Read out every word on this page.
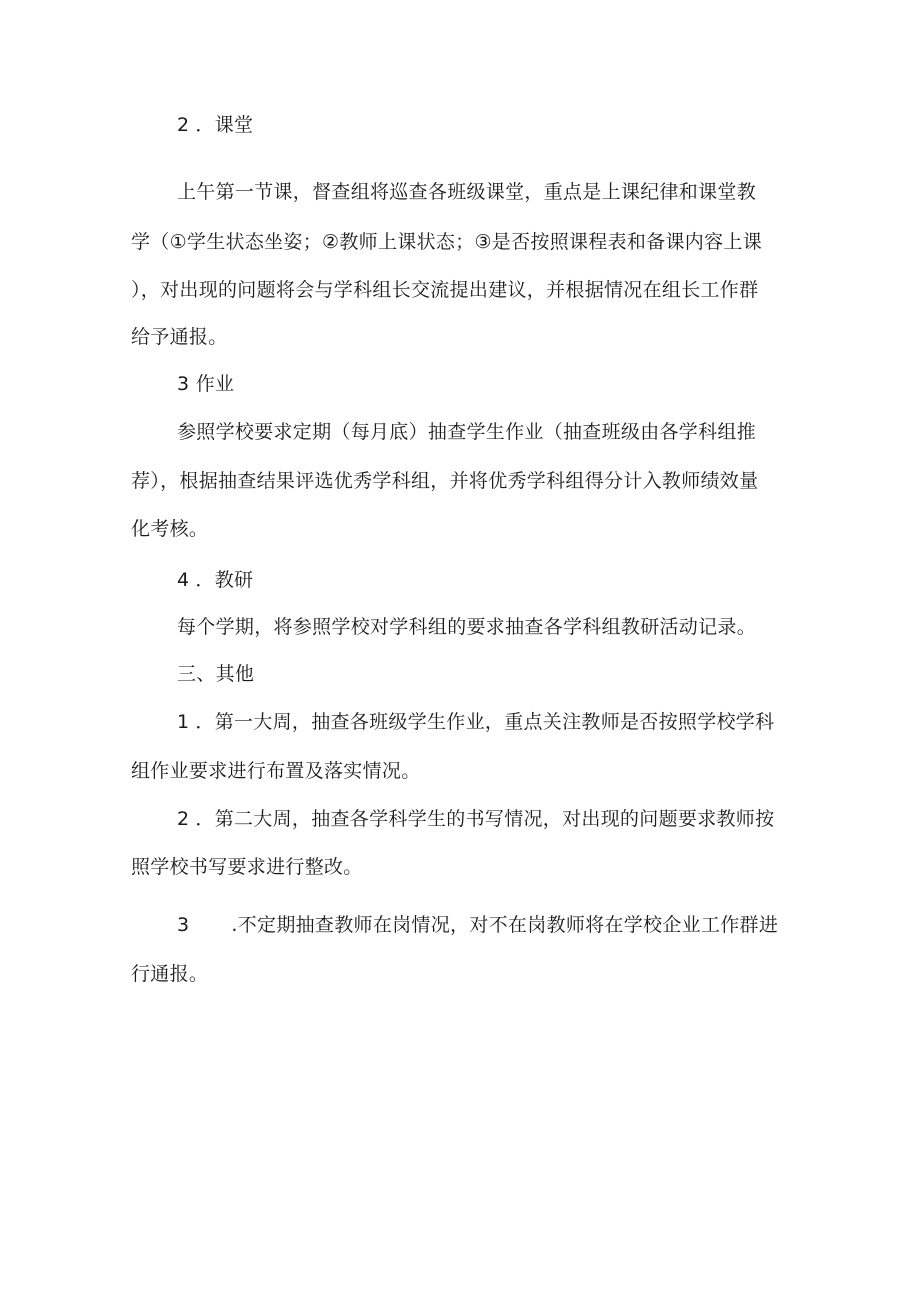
2 ．课堂
上午第一节课，督查组将巡查各班级课堂，重点是上课纪律和课堂教
学（①学生状态坐姿；②教师上课状态；③是否按照课程表和备课内容上课
），对出现的问题将会与学科组长交流提出建议，并根据情况在组长工作群
给予通报。
3 作业
参照学校要求定期（每月底）抽查学生作业（抽查班级由各学科组推
荐），根据抽查结果评选优秀学科组，并将优秀学科组得分计入教师绩效量
化考核。
4 ．教研
每个学期，将参照学校对学科组的要求抽查各学科组教研活动记录。
三、其他
1 ．第一大周，抽查各班级学生作业，重点关注教师是否按照学校学科
组作业要求进行布置及落实情况。
2 ．第二大周，抽查各学科学生的书写情况，对出现的问题要求教师按
照学校书写要求进行整改。
3 .不定期抽查教师在岗情况，对不在岗教师将在学校企业工作群进
行通报。
